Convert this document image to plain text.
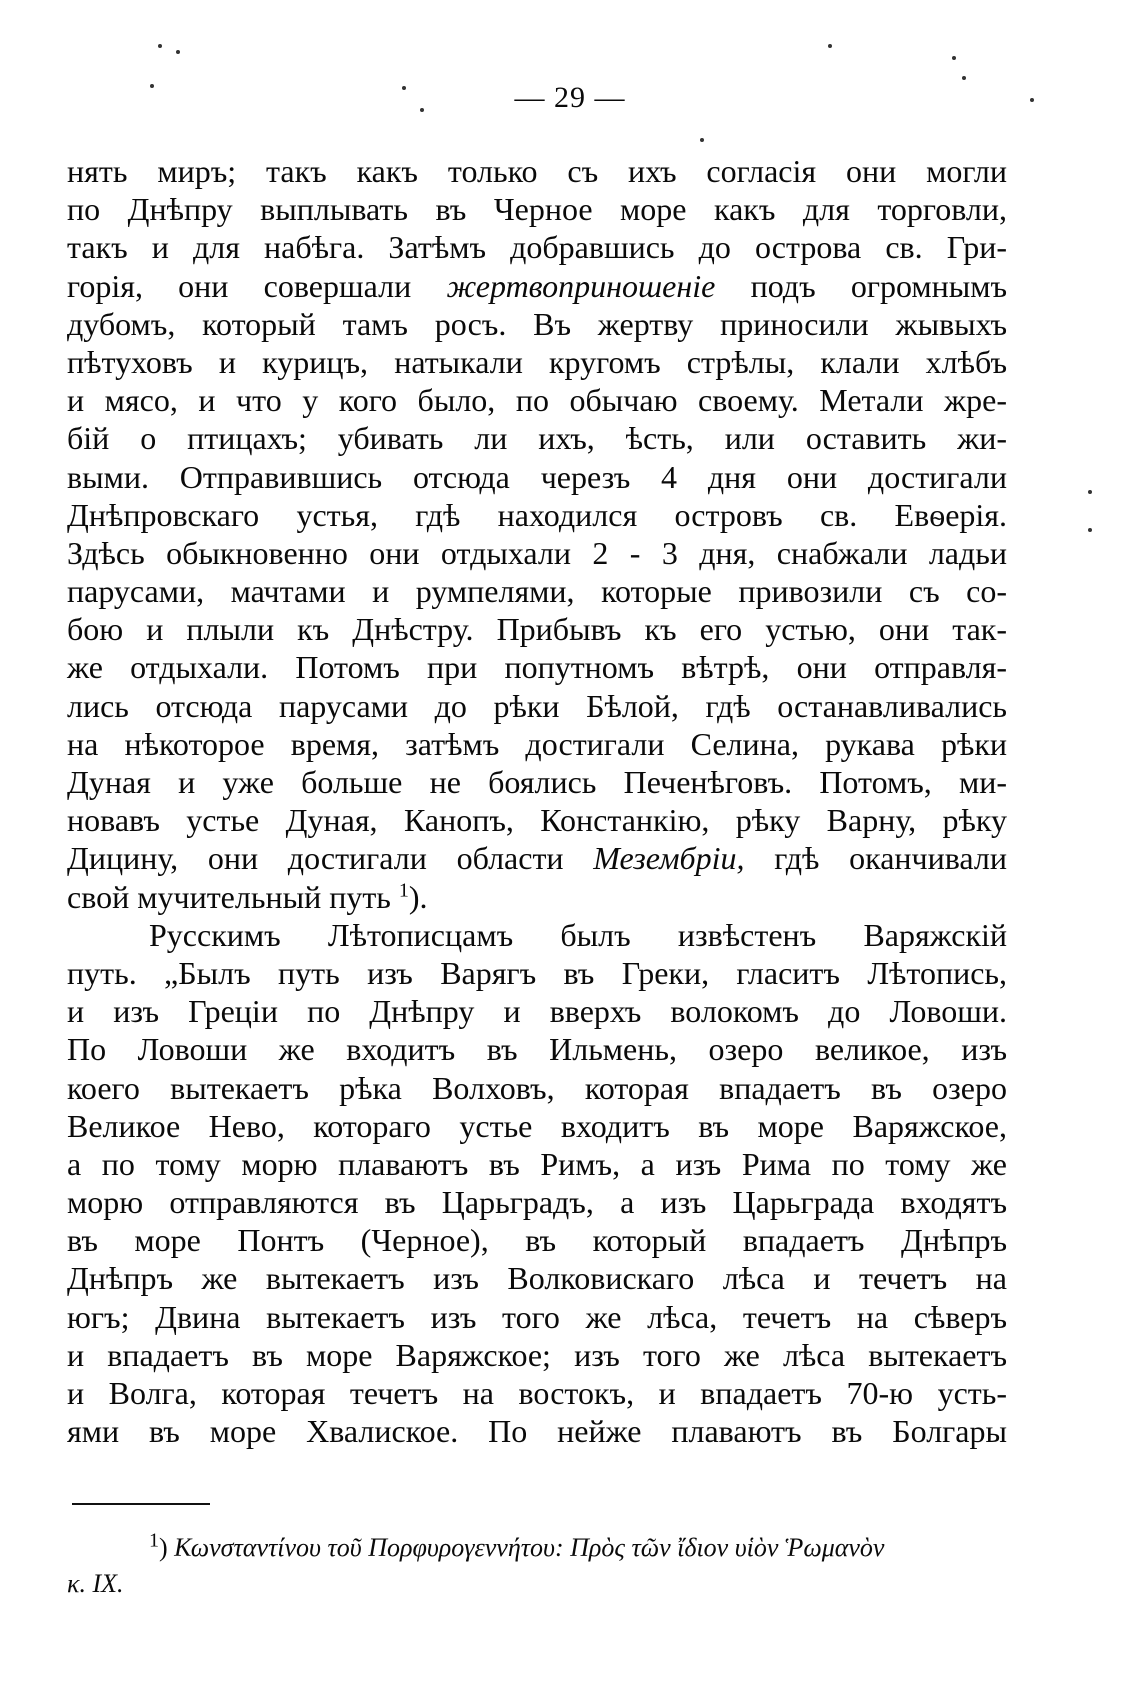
— 29 —
нять миръ; такъ какъ только съ ихъ согласія они могли
по Днѣпру выплывать въ Черное море какъ для торговли,
такъ и для набѣга. Затѣмъ добравшись до острова св. Гри-
горія, они совершали жертвоприношеніе подъ огромнымъ
дубомъ, который тамъ росъ. Въ жертву приносили жывыхъ
пѣтуховъ и курицъ, натыкали кругомъ стрѣлы, клали хлѣбъ
и мясо, и что у кого было, по обычаю своему. Метали жре-
бій о птицахъ; убивать ли ихъ, ѣсть, или оставить жи-
выми. Отправившись отсюда черезъ 4 дня они достигали
Днѣпровскаго устья, гдѣ находился островъ св. Евѳерія.
Здѣсь обыкновенно они отдыхали 2 - 3 дня, снабжали ладьи
парусами, мачтами и румпелями, которые привозили съ со-
бою и плыли къ Днѣстру. Прибывъ къ его устью, они так-
же отдыхали. Потомъ при попутномъ вѣтрѣ, они отправля-
лись отсюда парусами до рѣки Бѣлой, гдѣ останавливались
на нѣкоторое время, затѣмъ достигали Селина, рукава рѣки
Дуная и уже больше не боялись Печенѣговъ. Потомъ, ми-
новавъ устье Дуная, Канопъ, Констанкію, рѣку Варну, рѣку
Дицину, они достигали области Мезембріи, гдѣ оканчивали
свой мучительный путь $^1$).
Русскимъ Лѣтописцамъ былъ извѣстенъ Варяжскій
путь. „Былъ путь изъ Варягъ въ Греки, гласитъ Лѣтопись,
и изъ Греціи по Днѣпру и вверхъ волокомъ до Ловоши.
По Ловоши же входитъ въ Ильмень, озеро великое, изъ
коего вытекаетъ рѣка Волховъ, которая впадаетъ въ озеро
Великое Нево, котораго устье входитъ въ море Варяжское,
а по тому морю плаваютъ въ Римъ, а изъ Рима по тому же
морю отправляются въ Царьградъ, а изъ Царьграда входятъ
въ море Понтъ (Черное), въ который впадаетъ Днѣпръ
Днѣпръ же вытекаетъ изъ Волковискаго лѣса и течетъ на
югъ; Двина вытекаетъ изъ того же лѣса, течетъ на сѣверъ
и впадаетъ въ море Варяжское; изъ того же лѣса вытекаетъ
и Волга, которая течетъ на востокъ, и впадаетъ 70-ю усть-
ями въ море Хвалиское. По нейже плаваютъ въ Болгары
$^1$) Κωνσταντίνου τοῦ Πορφυρογεννήτου: Πρὸς τῶν ἴδιον υἱὸν Ῥωμανὸν
κ. IX.
